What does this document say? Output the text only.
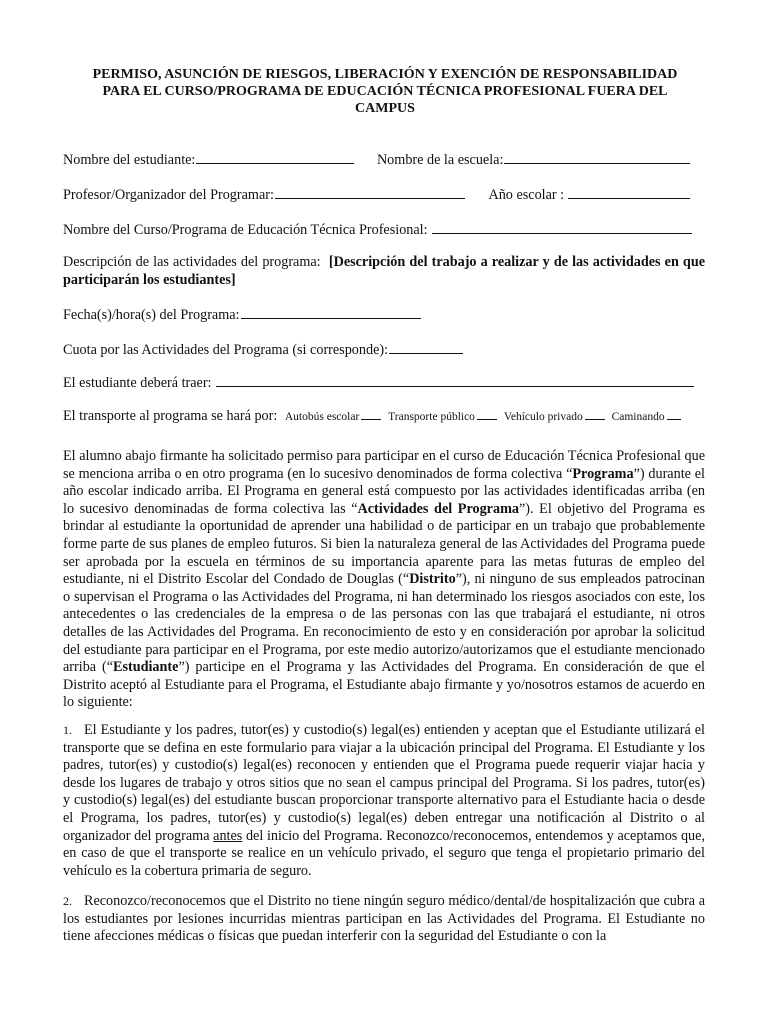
PERMISO, ASUNCIÓN DE RIESGOS, LIBERACIÓN Y EXENCIÓN DE RESPONSABILIDAD
PARA EL CURSO/PROGRAMA DE EDUCACIÓN TÉCNICA PROFESIONAL FUERA DEL
CAMPUS
Nombre del estudiante:	Nombre de la escuela:
Profesor/Organizador del Programar:	Año escolar :
Nombre del Curso/Programa de Educación Técnica Profesional:
Descripción de las actividades del programa: [Descripción del trabajo a realizar y de las actividades en que participarán los estudiantes]
Fecha(s)/hora(s) del Programa:
Cuota por las Actividades del Programa (si corresponde):
El estudiante deberá traer:
El transporte al programa se hará por: Autobús escolar	Transporte público	Vehículo privado	Caminando
El alumno abajo firmante ha solicitado permiso para participar en el curso de Educación Técnica Profesional que se menciona arriba o en otro programa (en lo sucesivo denominados de forma colectiva “Programa”) durante el año escolar indicado arriba. El Programa en general está compuesto por las actividades identificadas arriba (en lo sucesivo denominadas de forma colectiva las “Actividades del Programa”). El objetivo del Programa es brindar al estudiante la oportunidad de aprender una habilidad o de participar en un trabajo que probablemente forme parte de sus planes de empleo futuros. Si bien la naturaleza general de las Actividades del Programa puede ser aprobada por la escuela en términos de su importancia aparente para las metas futuras de empleo del estudiante, ni el Distrito Escolar del Condado de Douglas (“Distrito”), ni ninguno de sus empleados patrocinan o supervisan el Programa o las Actividades del Programa, ni han determinado los riesgos asociados con este, los antecedentes o las credenciales de la empresa o de las personas con las que trabajará el estudiante, ni otros detalles de las Actividades del Programa. En reconocimiento de esto y en consideración por aprobar la solicitud del estudiante para participar en el Programa, por este medio autorizo/autorizamos que el estudiante mencionado arriba (“Estudiante”) participe en el Programa y las Actividades del Programa. En consideración de que el Distrito aceptó al Estudiante para el Programa, el Estudiante abajo firmante y yo/nosotros estamos de acuerdo en lo siguiente:
1. El Estudiante y los padres, tutor(es) y custodio(s) legal(es) entienden y aceptan que el Estudiante utilizará el transporte que se defina en este formulario para viajar a la ubicación principal del Programa. El Estudiante y los padres, tutor(es) y custodio(s) legal(es) reconocen y entienden que el Programa puede requerir viajar hacia y desde los lugares de trabajo y otros sitios que no sean el campus principal del Programa. Si los padres, tutor(es) y custodio(s) legal(es) del estudiante buscan proporcionar transporte alternativo para el Estudiante hacia o desde el Programa, los padres, tutor(es) y custodio(s) legal(es) deben entregar una notificación al Distrito o al organizador del programa antes del inicio del Programa. Reconozco/reconocemos, entendemos y aceptamos que, en caso de que el transporte se realice en un vehículo privado, el seguro que tenga el propietario primario del vehículo es la cobertura primaria de seguro.
2. Reconozco/reconocemos que el Distrito no tiene ningún seguro médico/dental/de hospitalización que cubra a los estudiantes por lesiones incurridas mientras participan en las Actividades del Programa. El Estudiante no tiene afecciones médicas o físicas que puedan interferir con la seguridad del Estudiante o con la
